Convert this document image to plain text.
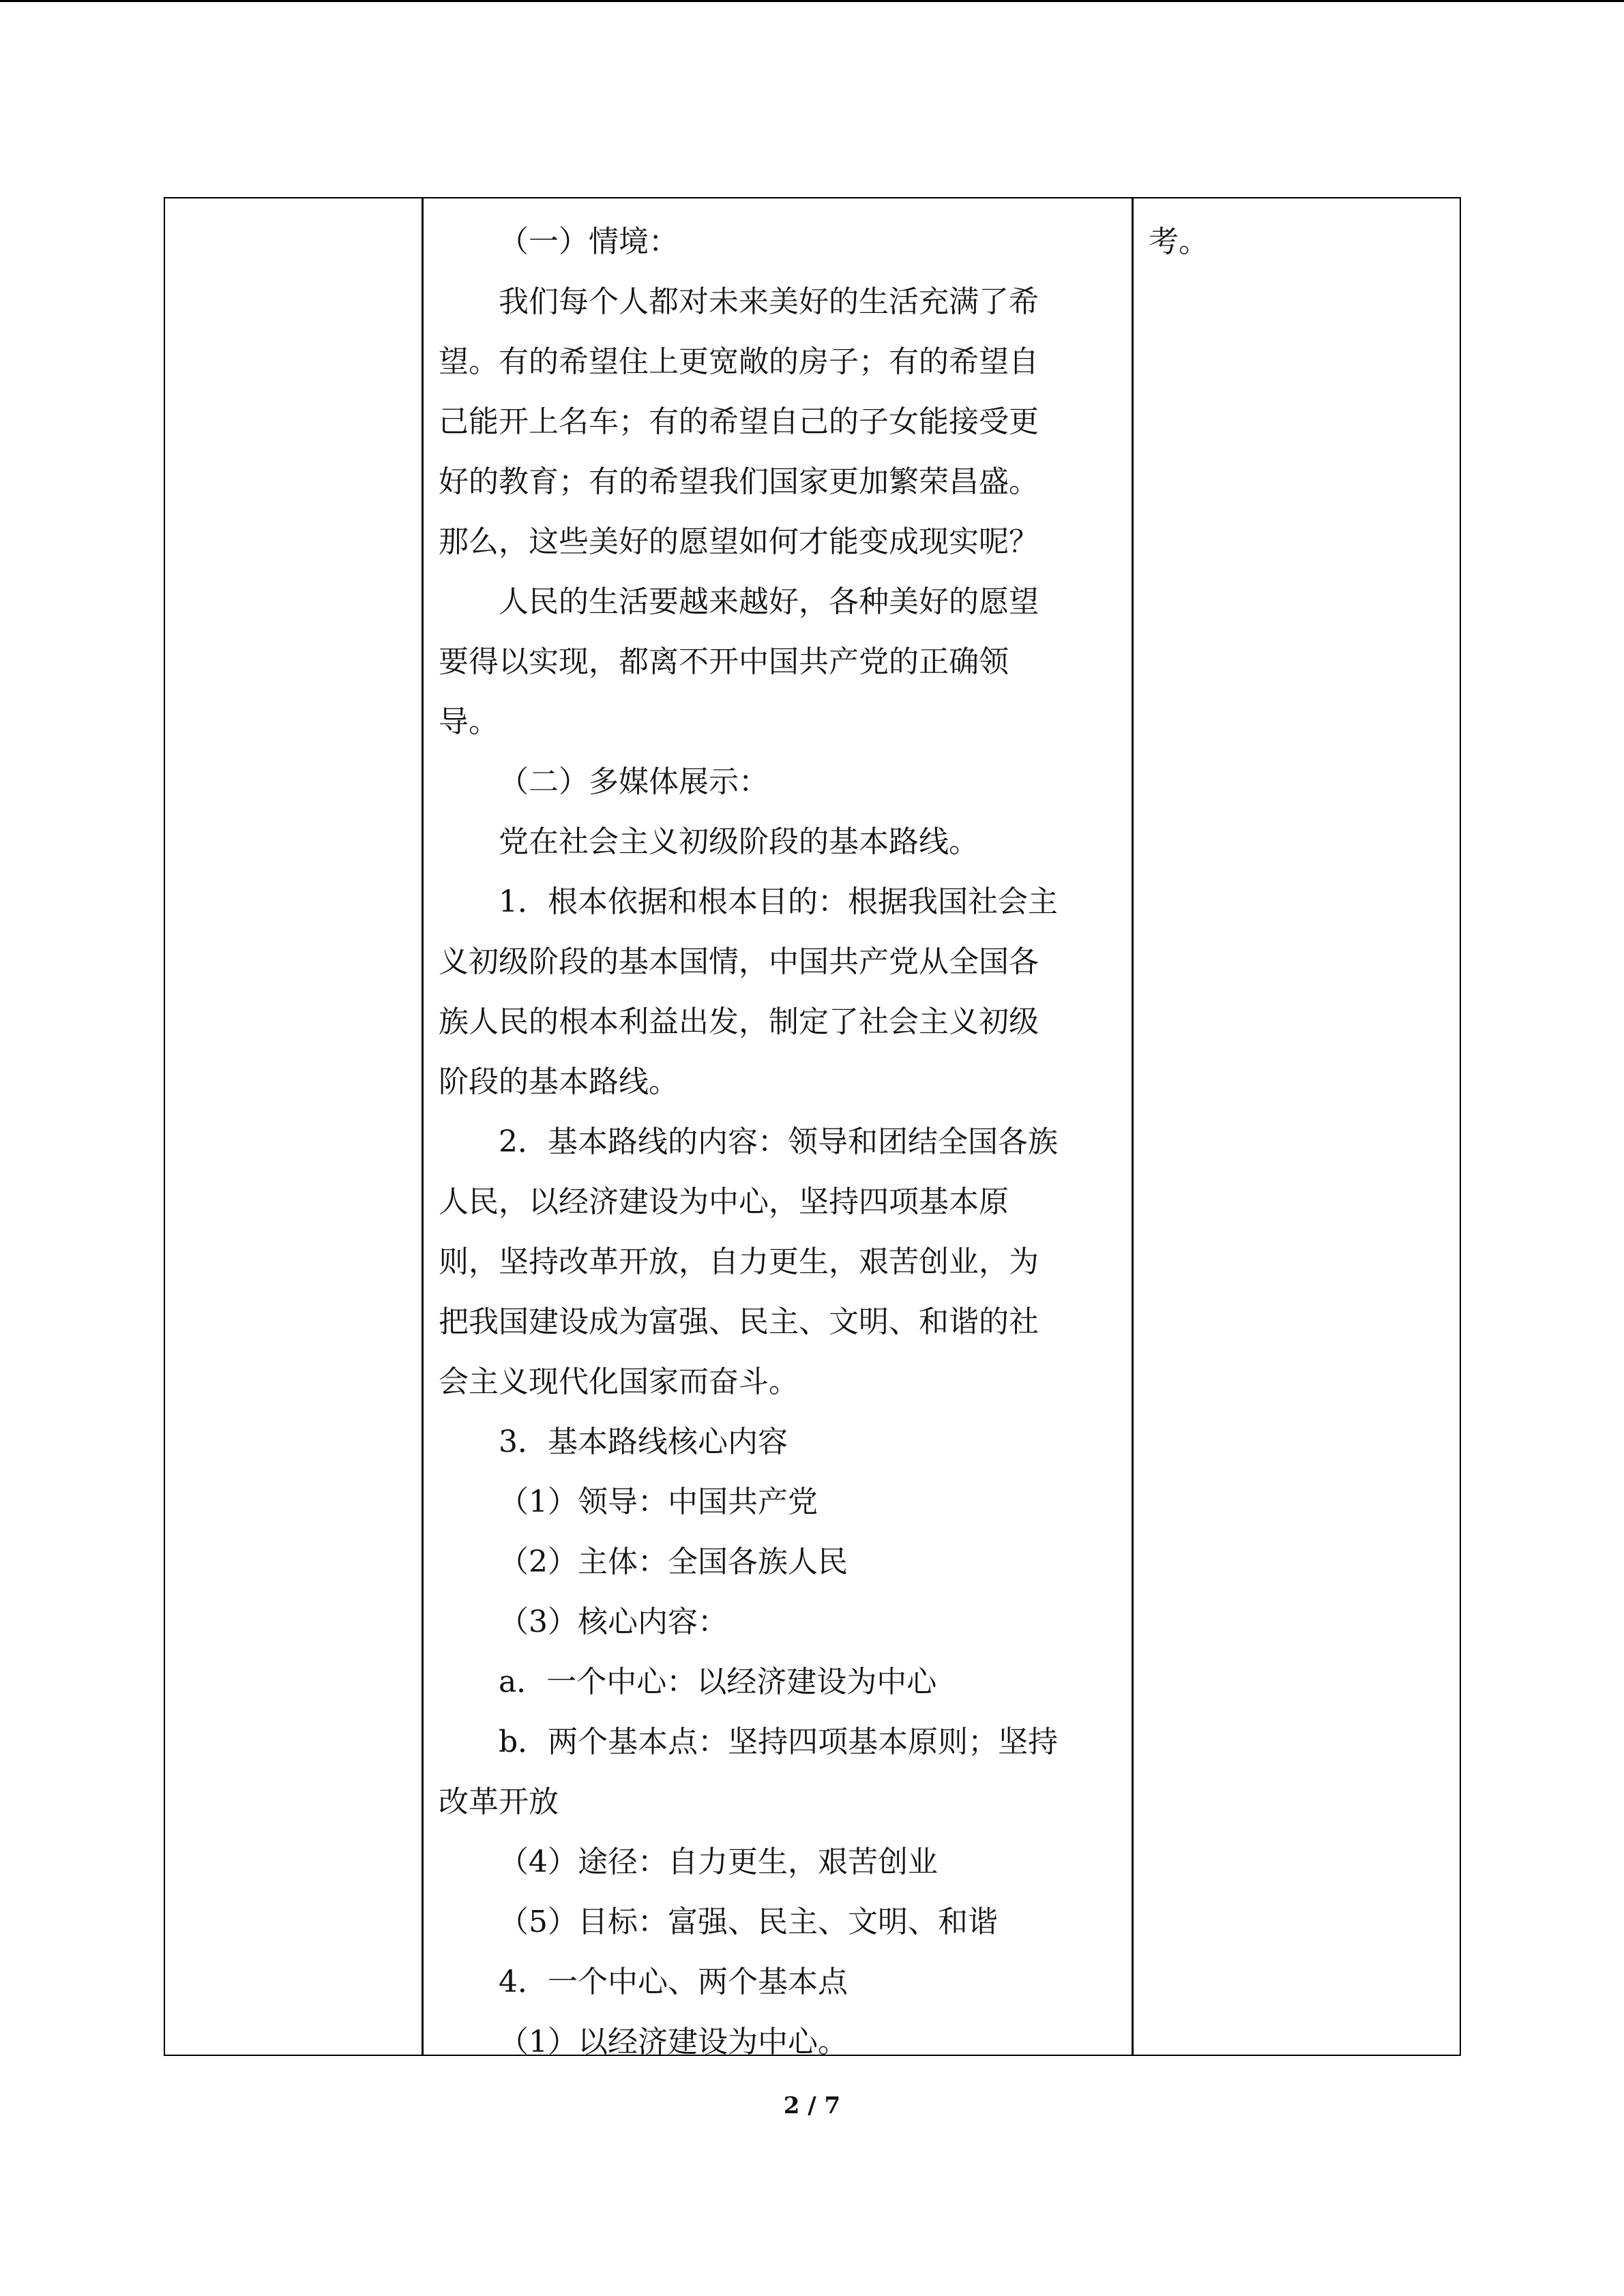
（一）情境：

我们每个人都对未来美好的生活充满了希

望。有的希望住上更宽敞的房子；有的希望自

己能开上名车；有的希望自己的子女能接受更

好的教育；有的希望我们国家更加繁荣昌盛。

那么，这些美好的愿望如何才能变成现实呢？

人民的生活要越来越好，各种美好的愿望

要得以实现，都离不开中国共产党的正确领

导。

（二）多媒体展示：

党在社会主义初级阶段的基本路线。

1．根本依据和根本目的：根据我国社会主

义初级阶段的基本国情，中国共产党从全国各

族人民的根本利益出发，制定了社会主义初级

阶段的基本路线。

2．基本路线的内容：领导和团结全国各族

人民，以经济建设为中心，坚持四项基本原

则，坚持改革开放，自力更生，艰苦创业，为

把我国建设成为富强、民主、文明、和谐的社

会主义现代化国家而奋斗。

3．基本路线核心内容

（1）领导：中国共产党

（2）主体：全国各族人民

（3）核心内容：

a．一个中心：以经济建设为中心

b．两个基本点：坚持四项基本原则；坚持

改革开放

（4）途径：自力更生，艰苦创业

（5）目标：富强、民主、文明、和谐

4．一个中心、两个基本点

（1）以经济建设为中心。

考。

2 / 7
